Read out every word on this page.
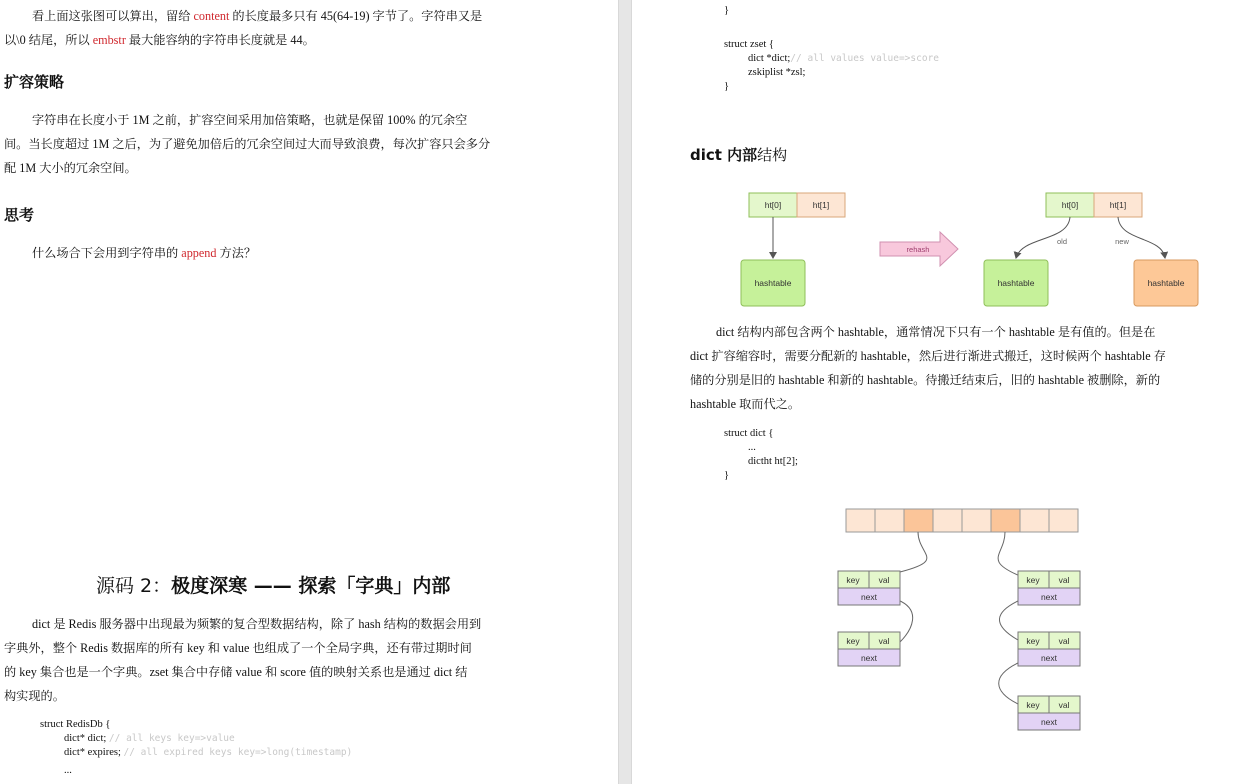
看上面这张图可以算出，留给 content 的长度最多只有 45(64-19) 字节了。字符串又是
以\0 结尾，所以 embstr 最大能容纳的字符串长度就是 44。
扩容策略
字符串在长度小于 1M 之前，扩容空间采用加倍策略，也就是保留 100% 的冗余空
间。当长度超过 1M 之后，为了避免加倍后的冗余空间过大而导致浪费，每次扩容只会多分
配 1M 大小的冗余空间。
思考
什么场合下会用到字符串的 append 方法？
源码 2：极度深寒 —— 探索「字典」内部
dict 是 Redis 服务器中出现最为频繁的复合型数据结构，除了 hash 结构的数据会用到
字典外，整个 Redis 数据库的所有 key 和 value 也组成了一个全局字典，还有带过期时间
的 key 集合也是一个字典。zset 集合中存储 value 和 score 值的映射关系也是通过 dict 结
构实现的。
struct RedisDb {
dict* dict; // all keys key=>value
dict* expires; // all expired keys key=>long(timestamp)
...
}
struct zset {
dict *dict;// all values value=>score
zskiplist *zsl;
}
dict 内部结构
ht[0]	ht[1]
hashtable
rehash
ht[0]	ht[1]
old	new
hashtable	hashtable
dict 结构内部包含两个 hashtable，通常情况下只有一个 hashtable 是有值的。但是在
dict 扩容缩容时，需要分配新的 hashtable，然后进行渐进式搬迁，这时候两个 hashtable 存
储的分别是旧的 hashtable 和新的 hashtable。待搬迁结束后，旧的 hashtable 被删除，新的
hashtable 取而代之。
struct dict {
...
dictht ht[2];
}
key val
next
key val
next
key val
next
key val
next
key val
next
